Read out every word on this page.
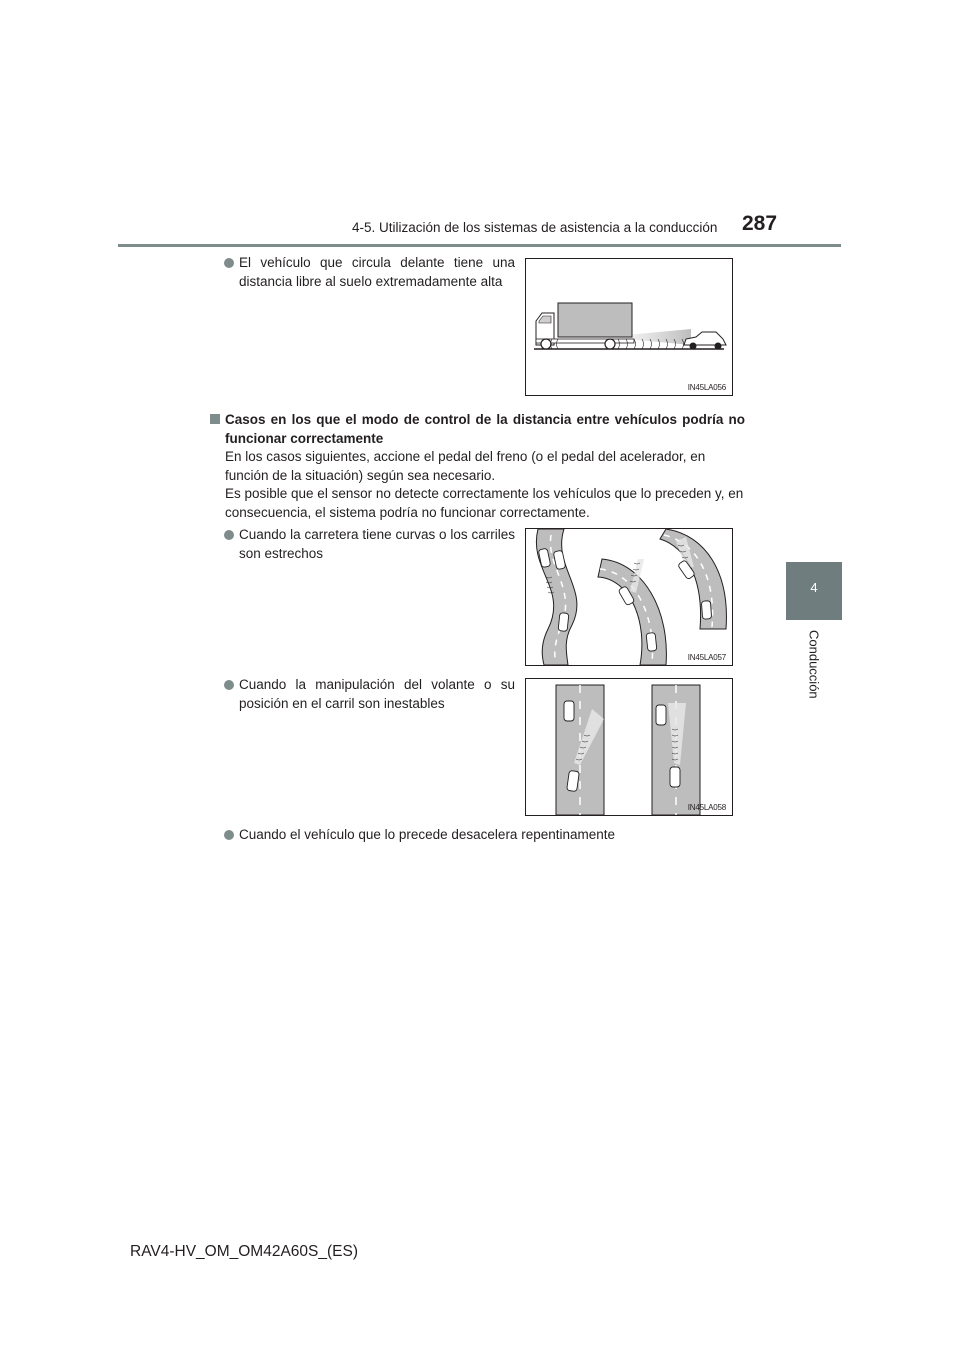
4-5. Utilización de los sistemas de asistencia a la conducción 287
4
Conducción
El vehículo que circula delante tiene una distancia libre al suelo extremadamente alta
IN45LA056
Casos en los que el modo de control de la distancia entre vehículos podría no funcionar correctamente
En los casos siguientes, accione el pedal del freno (o el pedal del acelerador, en función de la situación) según sea necesario.
Es posible que el sensor no detecte correctamente los vehículos que lo preceden y, en consecuencia, el sistema podría no funcionar correctamente.
Cuando la carretera tiene curvas o los carriles son estrechos
IN45LA057
Cuando la manipulación del volante o su posición en el carril son inestables
IN45LA058
Cuando el vehículo que lo precede desacelera repentinamente
RAV4-HV_OM_OM42A60S_(ES)
